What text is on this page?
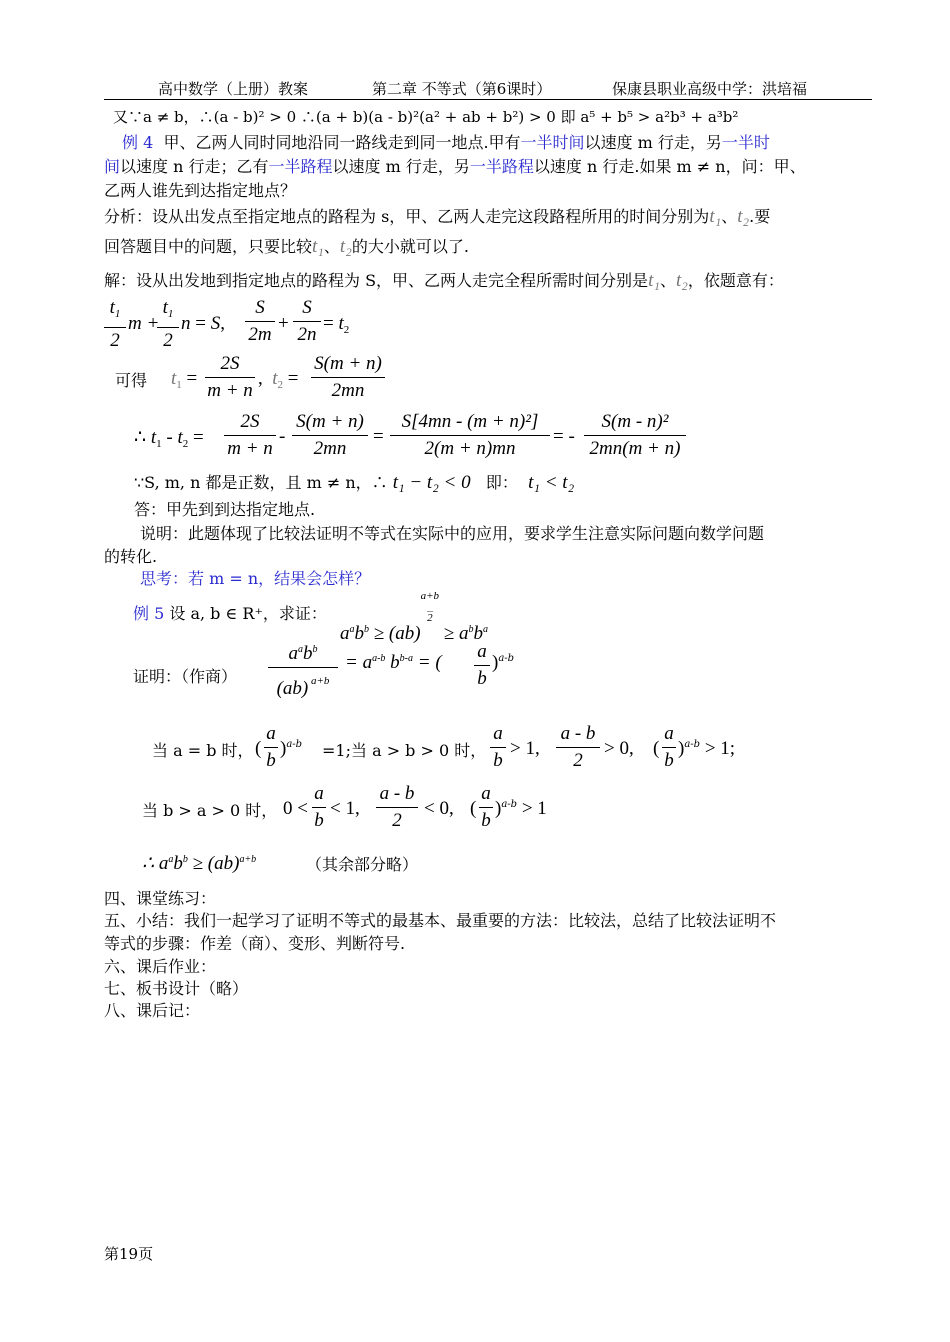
高中数学（上册）教案	第二章 不等式（第6课时）	保康县职业高级中学：洪培福
又∵a ≠ b，∴(a - b)² > 0 ∴(a + b)(a - b)²(a² + ab + b²) > 0 即 a⁵ + b⁵ > a²b³ + a³b²
例 4 甲、乙两人同时同地沿同一路线走到同一地点.甲有一半时间以速度 m 行走，另一半时
间以速度 n 行走；乙有一半路程以速度 m 行走，另一半路程以速度 n 行走.如果 m ≠ n，问：甲、
乙两人谁先到达指定地点？
分析：设从出发点至指定地点的路程为 s，甲、乙两人走完这段路程所用的时间分别为t₁、t₂.要
回答题目中的问题，只要比较t₁、t₂的大小就可以了.
解：设从出发地到指定地点的路程为 S，甲、乙两人走完全程所需时间分别是t₁、t₂，依题意有：
$t_1$
2
m +
$t_1$
2
n = S,
S
2m
+
S
2n
= $t_2$
可得 $t_1$ =
2S
m + n
,  $t_2$ =
S(m + n)
2mn
∴ $t_1 - t_2$ =
2S
m + n
-
S(m + n)
2mn
=
S[4mn - (m + n)²]
2(m + n)mn
= -
S(m - n)²
2mn(m + n)
∵S, m, n 都是正数，且 m ≠ n，∴ t₁ − t₂ < 0 即： t₁ < t₂
答：甲先到到达指定地点.
说明：此题体现了比较法证明不等式在实际中的应用，要求学生注意实际问题向数学问题
的转化.
思考：若 m = n，结果会怎样？
例 5 设 a, b ∈ R⁺，求证：
$a^ab^b \ge (ab)\frac{a+b}{2} \ge a^bb^a$
证明：（作商）
$a^ab^b$
(ab) $^{a+b}$
= $a^{a-b}$ $b^{b-a}$ = (
a
b
)$^{a-b}$
当 a = b 时， (
a
b
)$^{a-b}$ =1;当 a > b > 0 时，
a
b
> 1,
a - b
2
> 0, (
a
b
)$^{a-b}$ > 1;
当 b > a > 0 时， 0 <
a
b
< 1,
a - b
2
< 0, (
a
b
)$^{a-b}$ > 1
∴ $a^ab^b \ge (ab)^{a+b}$	（其余部分略）
四、课堂练习：
五、小结：我们一起学习了证明不等式的最基本、最重要的方法：比较法，总结了比较法证明不
等式的步骤：作差（商）、变形、判断符号.
六、课后作业：
七、板书设计（略）
八、课后记：
第19页
